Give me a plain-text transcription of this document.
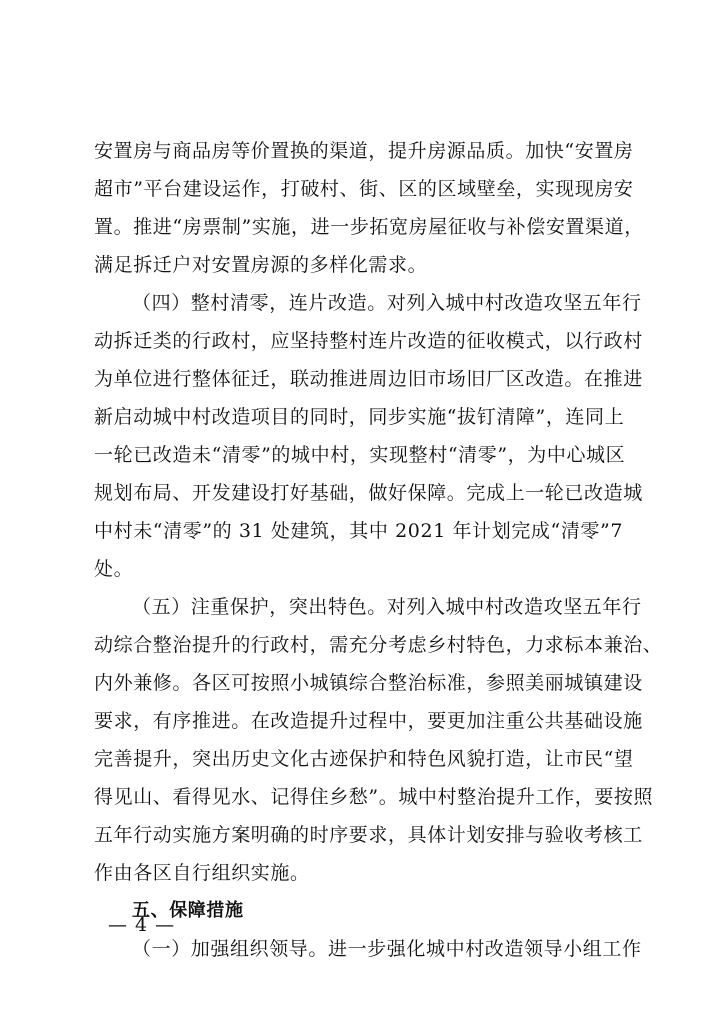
安置房与商品房等价置换的渠道，提升房源品质。加快“安置房
超市”平台建设运作，打破村、街、区的区域壁垒，实现现房安
置。推进“房票制”实施，进一步拓宽房屋征收与补偿安置渠道，
满足拆迁户对安置房源的多样化需求。
（四）整村清零，连片改造。对列入城中村改造攻坚五年行
动拆迁类的行政村，应坚持整村连片改造的征收模式，以行政村
为单位进行整体征迁，联动推进周边旧市场旧厂区改造。在推进
新启动城中村改造项目的同时，同步实施“拔钉清障”，连同上
一轮已改造未“清零”的城中村，实现整村“清零”，为中心城区
规划布局、开发建设打好基础，做好保障。完成上一轮已改造城
中村未“清零”的 31 处建筑，其中 2021 年计划完成“清零”7
处。
（五）注重保护，突出特色。对列入城中村改造攻坚五年行
动综合整治提升的行政村，需充分考虑乡村特色，力求标本兼治、
内外兼修。各区可按照小城镇综合整治标准，参照美丽城镇建设
要求，有序推进。在改造提升过程中，要更加注重公共基础设施
完善提升，突出历史文化古迹保护和特色风貌打造，让市民“望
得见山、看得见水、记得住乡愁”。城中村整治提升工作，要按照
五年行动实施方案明确的时序要求，具体计划安排与验收考核工
作由各区自行组织实施。
五、保障措施
（一）加强组织领导。进一步强化城中村改造领导小组工作
— 4 —
